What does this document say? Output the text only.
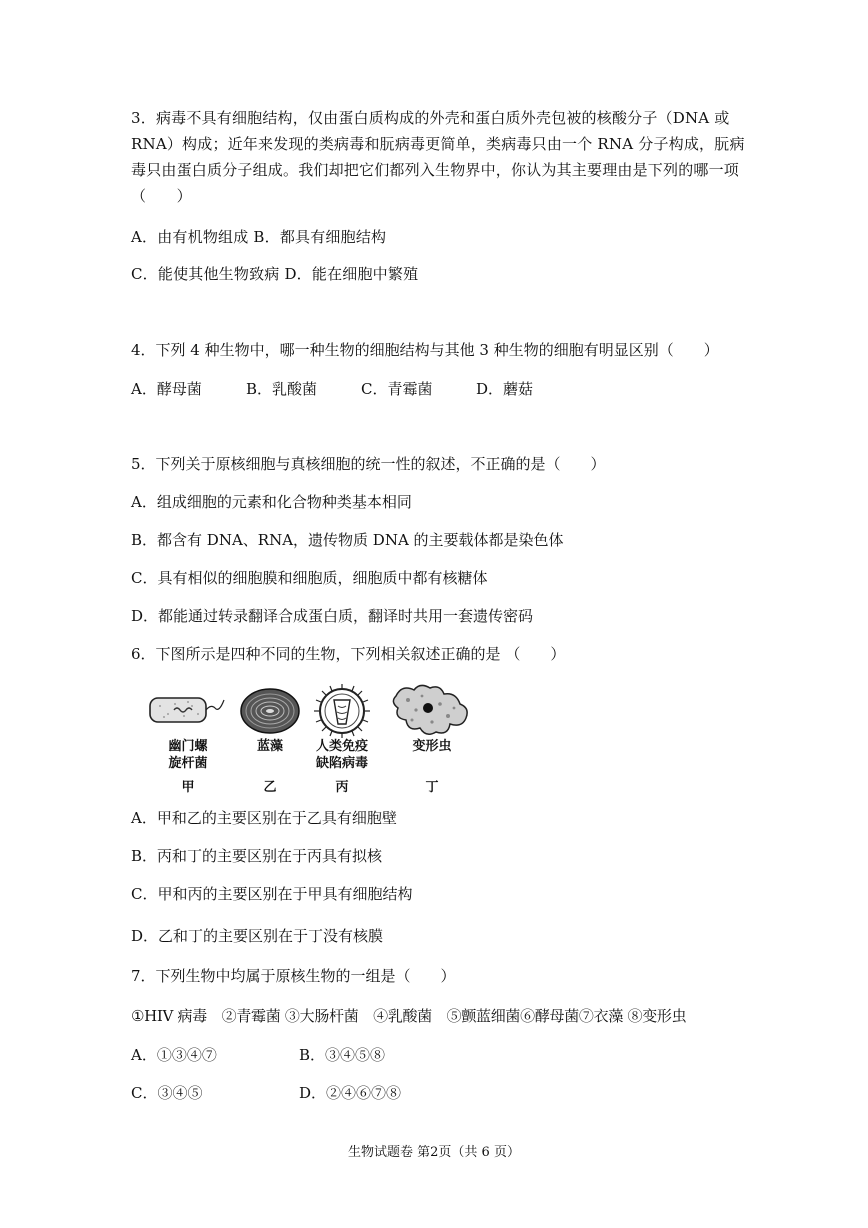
3．病毒不具有细胞结构，仅由蛋白质构成的外壳和蛋白质外壳包被的核酸分子（DNA 或
RNA）构成；近年来发现的类病毒和朊病毒更简单，类病毒只由一个 RNA 分子构成，朊病
毒只由蛋白质分子组成。我们却把它们都列入生物界中，你认为其主要理由是下列的哪一项
（　　）
A．由有机物组成 B．都具有细胞结构
C．能使其他生物致病 D．能在细胞中繁殖
4．下列 4 种生物中，哪一种生物的细胞结构与其他 3 种生物的细胞有明显区别（　　）
A．酵母菌	B．乳酸菌	C．青霉菌	D．蘑菇
5．下列关于原核细胞与真核细胞的统一性的叙述，不正确的是（　　）
A．组成细胞的元素和化合物种类基本相同
B．都含有 DNA、RNA，遗传物质 DNA 的主要载体都是染色体
C．具有相似的细胞膜和细胞质，细胞质中都有核糖体
D．都能通过转录翻译合成蛋白质，翻译时共用一套遗传密码
6．下图所示是四种不同的生物，下列相关叙述正确的是 （　　）
幽门螺
旋杆菌
蓝藻	人类免疫
缺陷病毒
变形虫
甲	乙	丙	丁
A．甲和乙的主要区别在于乙具有细胞壁
B．丙和丁的主要区别在于丙具有拟核
C．甲和丙的主要区别在于甲具有细胞结构
D．乙和丁的主要区别在于丁没有核膜
7．下列生物中均属于原核生物的一组是（　　）
①HIV 病毒　②青霉菌 ③大肠杆菌　④乳酸菌　⑤颤蓝细菌⑥酵母菌⑦衣藻 ⑧变形虫
A．①③④⑦	B．③④⑤⑧
C．③④⑤	D．②④⑥⑦⑧
生物试题卷 第2页（共 6 页）
